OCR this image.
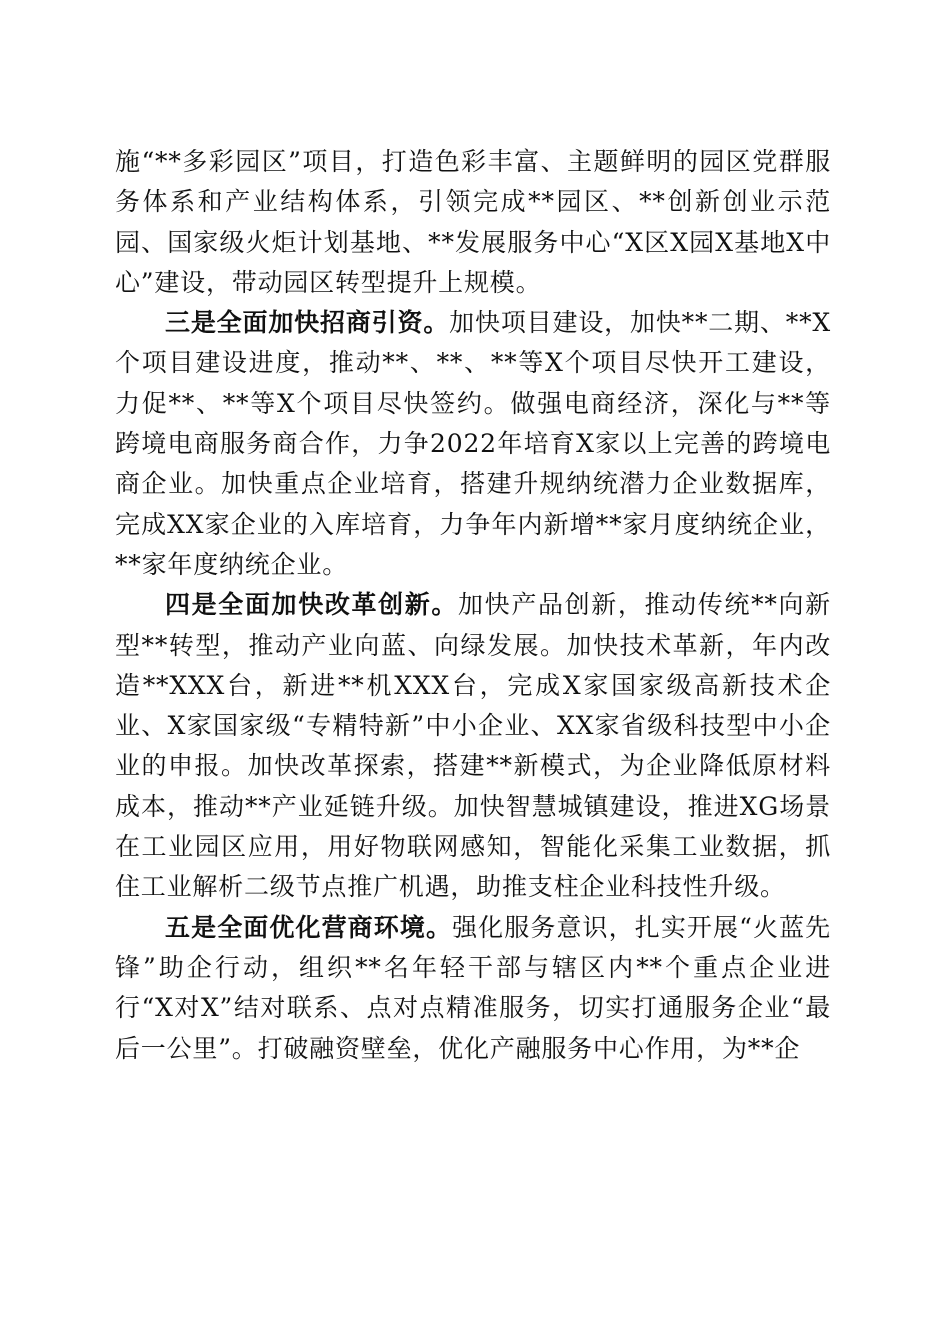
施“**多彩园区”项目，打造色彩丰富、主题鲜明的园区党群服务体系和产业结构体系，引领完成**园区、**创新创业示范园、国家级火炬计划基地、**发展服务中心“X区X园X基地X中心”建设，带动园区转型提升上规模。

三是全面加快招商引资。加快项目建设，加快**二期、**X个项目建设进度，推动**、**、**等X个项目尽快开工建设，力促**、**等X个项目尽快签约。做强电商经济，深化与**等跨境电商服务商合作，力争2022年培育X家以上完善的跨境电商企业。加快重点企业培育，搭建升规纳统潜力企业数据库，完成XX家企业的入库培育，力争年内新增**家月度纳统企业，**家年度纳统企业。

四是全面加快改革创新。加快产品创新，推动传统**向新型**转型，推动产业向蓝、向绿发展。加快技术革新，年内改造**XXX台，新进**机XXX台，完成X家国家级高新技术企业、X家国家级“专精特新”中小企业、XX家省级科技型中小企业的申报。加快改革探索，搭建**新模式，为企业降低原材料成本，推动**产业延链升级。加快智慧城镇建设，推进XG场景在工业园区应用，用好物联网感知，智能化采集工业数据，抓住工业解析二级节点推广机遇，助推支柱企业科技性升级。

五是全面优化营商环境。强化服务意识，扎实开展“火蓝先锋”助企行动，组织**名年轻干部与辖区内**个重点企业进行“X对X”结对联系、点对点精准服务，切实打通服务企业“最后一公里”。打破融资壁垒，优化产融服务中心作用，为**企
